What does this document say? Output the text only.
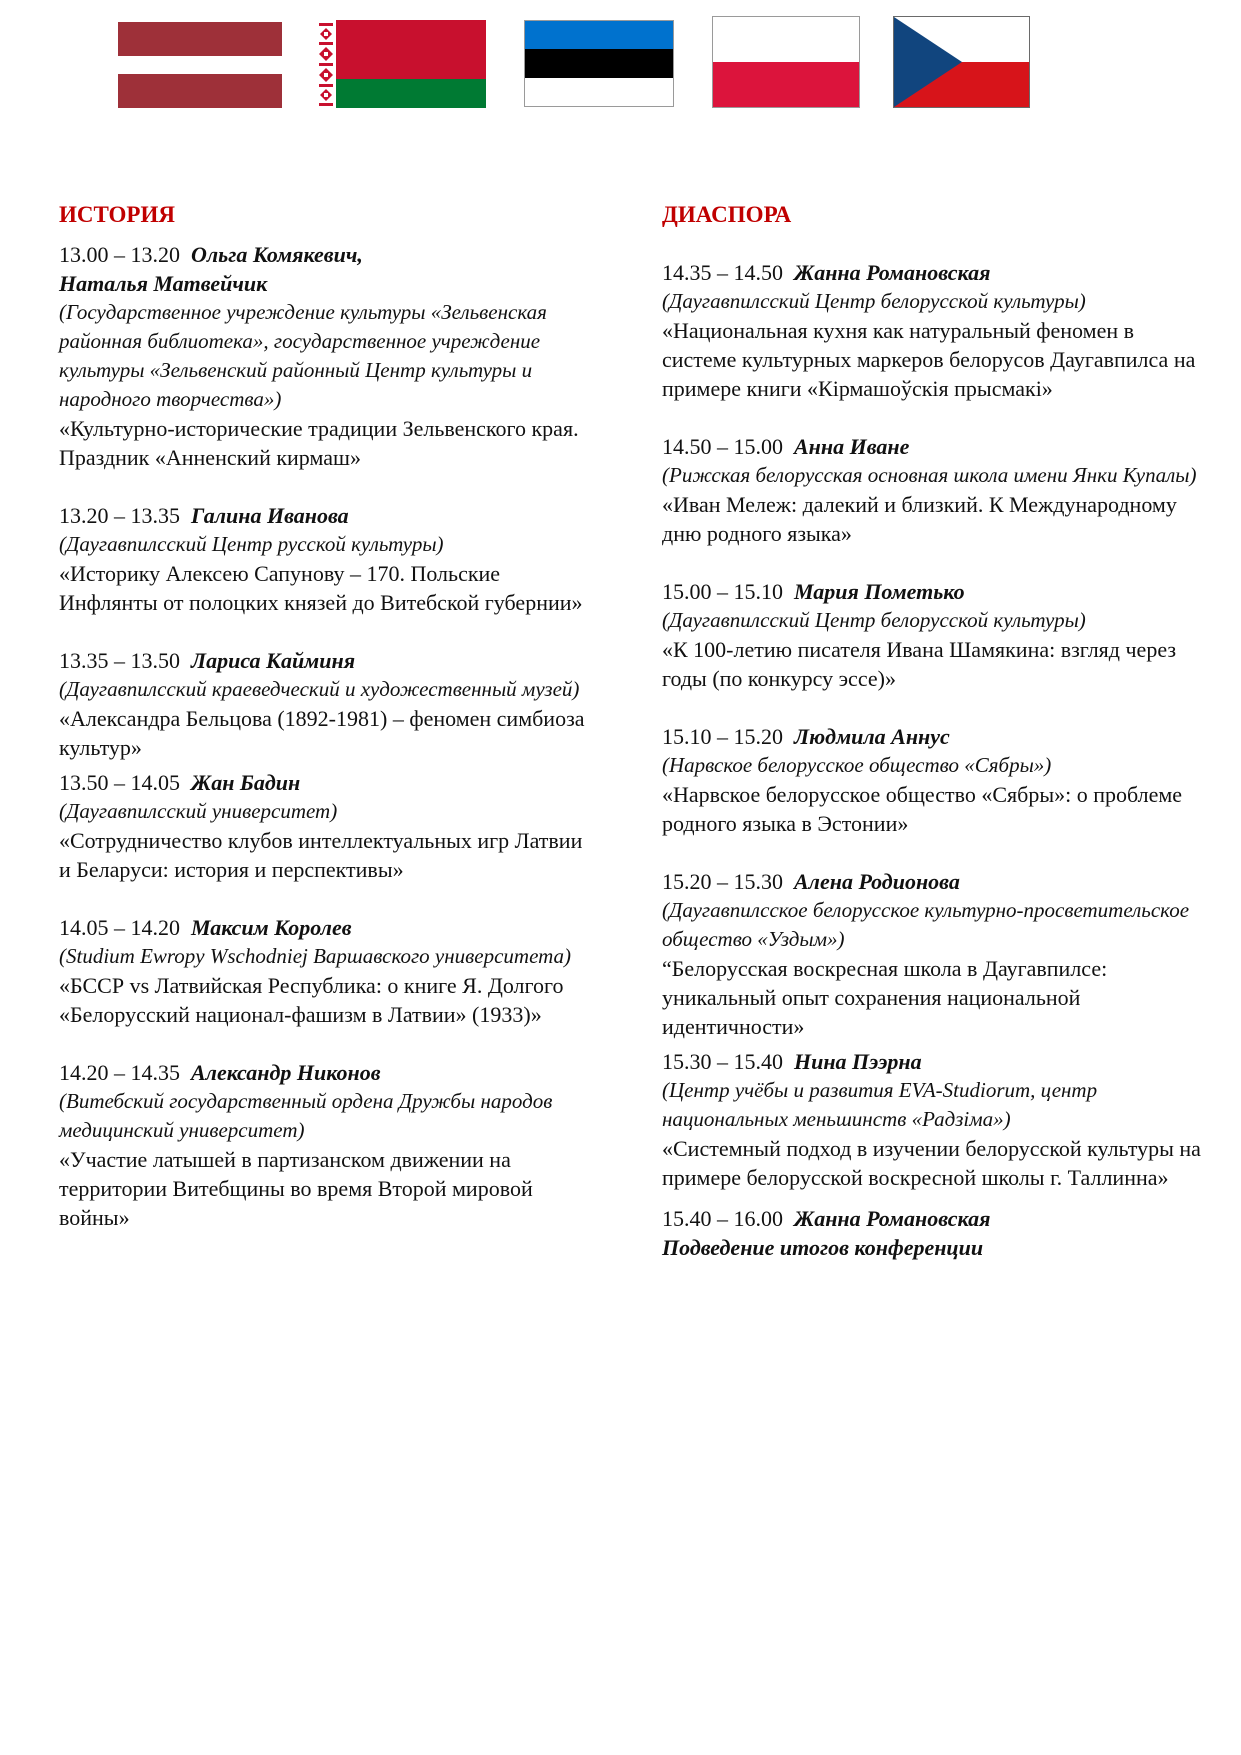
ИСТОРИЯ
13.00 – 13.20 Ольга Комякевич,
Наталья Матвейчик
(Государственное учреждение культуры «Зельвенская районная библиотека», государственное учреждение культуры «Зельвенский районный Центр культуры и народного творчества»)
«Культурно-исторические традиции Зельвенского края. Праздник «Анненский кирмаш»
13.20 – 13.35 Галина Иванова
(Даугавпилсский Центр русской культуры)
«Историку Алексею Сапунову – 170. Польские Инфлянты от полоцких князей до Витебской губернии»
13.35 – 13.50 Лариса Кайминя
(Даугавпилсский краеведческий и художественный музей)
«Александра Бельцова (1892-1981) – феномен симбиоза культур»
13.50 – 14.05 Жан Бадин
(Даугавпилсский университет)
«Сотрудничество клубов интеллектуальных игр Латвии и Беларуси: история и перспективы»
14.05 – 14.20 Максим Королев
(Studium Ewropy Wschodniej Варшавского университета)
«БССР vs Латвийская Республика: о книге Я. Долгого «Белорусский национал-фашизм в Латвии» (1933)»
14.20 – 14.35 Александр Никонов
(Витебский государственный ордена Дружбы народов медицинский университет)
«Участие латышей в партизанском движении на территории Витебщины во время Второй мировой войны»
ДИАСПОРА
14.35 – 14.50 Жанна Романовская
(Даугавпилсский Центр белорусской культуры)
«Национальная кухня как натуральный феномен в системе культурных маркеров белорусов Даугавпилса на примере книги «Кірмашоўскія прысмакі»
14.50 – 15.00 Анна Иване
(Рижская белорусская основная школа имени Янки Купалы)
«Иван Мележ: далекий и близкий. К Международному дню родного языка»
15.00 – 15.10 Мария Пометько
(Даугавпилсский Центр белорусской культуры)
«К 100-летию писателя Ивана Шамякина: взгляд через годы (по конкурсу эссе)»
15.10 – 15.20 Людмила Аннус
(Нарвское белорусское общество «Сябры»)
«Нарвское белорусское общество «Сябры»: о проблеме родного языка в Эстонии»
15.20 – 15.30 Алена Родионова
(Даугавпилсское белорусское культурно-просветительское общество «Уздым»)
“Белорусская воскресная школа в Даугавпилсе: уникальный опыт сохранения национальной идентичности»
15.30 – 15.40 Нина Пээрна
(Центр учёбы и развития EVA-Studiorum, центр национальных меньшинств «Радзіма»)
«Системный подход в изучении белорусской культуры на примере белорусской воскресной школы г. Таллинна»
15.40 – 16.00 Жанна Романовская
Подведение итогов конференции
